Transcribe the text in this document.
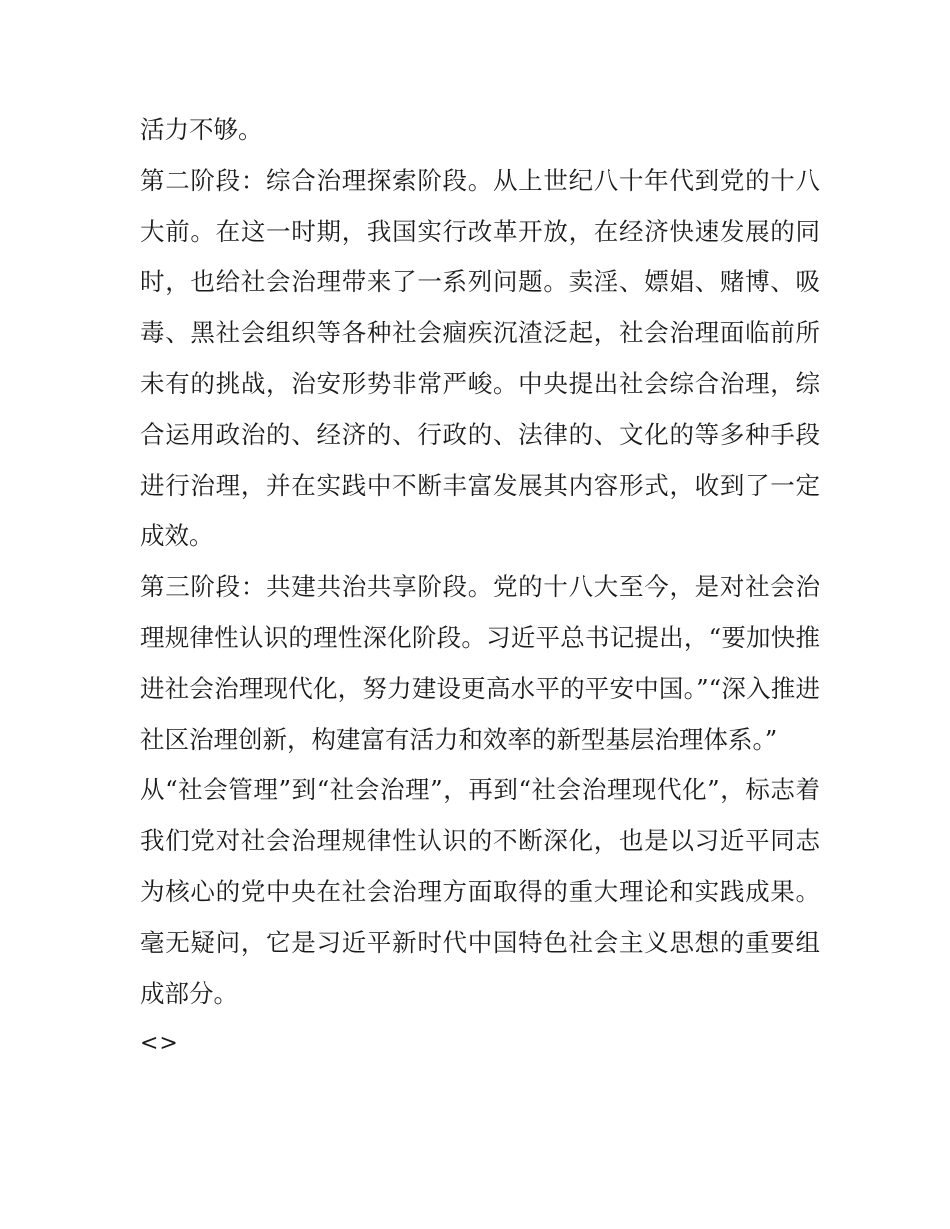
活力不够。

第二阶段：综合治理探索阶段。从上世纪八十年代到党的十八大前。在这一时期，我国实行改革开放，在经济快速发展的同时，也给社会治理带来了一系列问题。卖淫、嫖娼、赌博、吸毒、黑社会组织等各种社会痼疾沉渣泛起，社会治理面临前所未有的挑战，治安形势非常严峻。中央提出社会综合治理，综合运用政治的、经济的、行政的、法律的、文化的等多种手段进行治理，并在实践中不断丰富发展其内容形式，收到了一定成效。

第三阶段：共建共治共享阶段。党的十八大至今，是对社会治理规律性认识的理性深化阶段。习近平总书记提出，“要加快推进社会治理现代化，努力建设更高水平的平安中国。”“深入推进社区治理创新，构建富有活力和效率的新型基层治理体系。”

从“社会管理”到“社会治理”，再到“社会治理现代化”，标志着我们党对社会治理规律性认识的不断深化，也是以习近平同志为核心的党中央在社会治理方面取得的重大理论和实践成果。毫无疑问，它是习近平新时代中国特色社会主义思想的重要组成部分。

<>
